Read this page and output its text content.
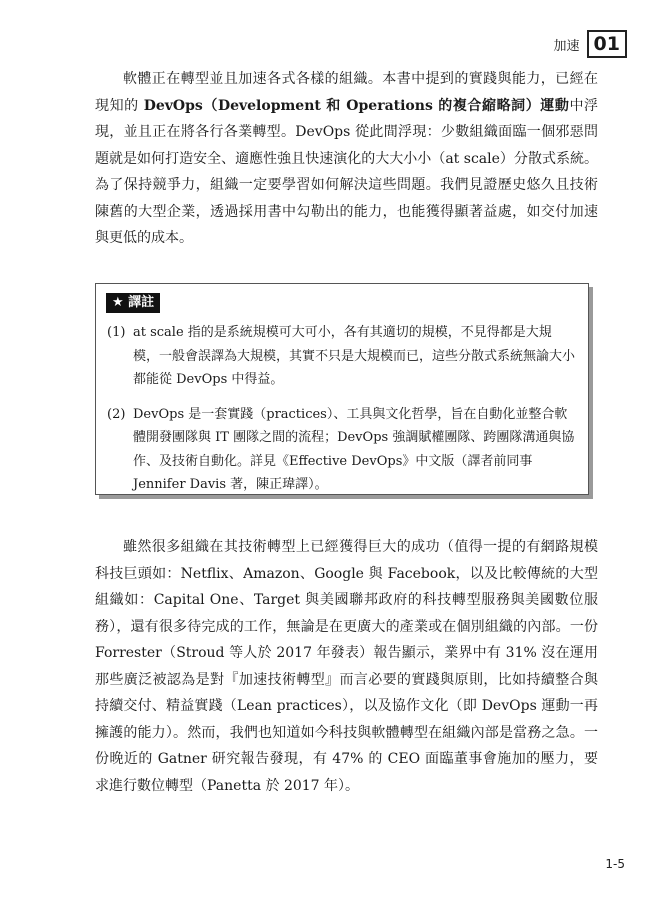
加速 01

軟體正在轉型並且加速各式各樣的組織。本書中提到的實踐與能力，已經在現知的 DevOps（Development 和 Operations 的複合縮略詞）運動中浮現，並且正在將各行各業轉型。DevOps 從此間浮現：少數組織面臨一個邪惡問題就是如何打造安全、適應性強且快速演化的大大小小（at scale）分散式系統。為了保持競爭力，組織一定要學習如何解決這些問題。我們見證歷史悠久且技術陳舊的大型企業，透過採用書中勾勒出的能力，也能獲得顯著益處，如交付加速與更低的成本。

★ 譯註
(1) at scale 指的是系統規模可大可小，各有其適切的規模，不見得都是大規模，一般會誤譯為大規模，其實不只是大規模而已，這些分散式系統無論大小都能從 DevOps 中得益。
(2) DevOps 是一套實踐（practices）、工具與文化哲學，旨在自動化並整合軟體開發團隊與 IT 團隊之間的流程；DevOps 強調賦權團隊、跨團隊溝通與協作、及技術自動化。詳見《Effective DevOps》中文版（譯者前同事 Jennifer Davis 著，陳正瑋譯）。

雖然很多組織在其技術轉型上已經獲得巨大的成功（值得一提的有網路規模科技巨頭如：Netflix、Amazon、Google 與 Facebook，以及比較傳統的大型組織如：Capital One、Target 與美國聯邦政府的科技轉型服務與美國數位服務），還有很多待完成的工作，無論是在更廣大的產業或在個別組織的內部。一份 Forrester（Stroud 等人於 2017 年發表）報告顯示，業界中有 31% 沒在運用那些廣泛被認為是對『加速技術轉型』而言必要的實踐與原則，比如持續整合與持續交付、精益實踐（Lean practices），以及協作文化（即 DevOps 運動一再擁護的能力）。然而，我們也知道如今科技與軟體轉型在組織內部是當務之急。一份晚近的 Gatner 研究報告發現，有 47% 的 CEO 面臨董事會施加的壓力，要求進行數位轉型（Panetta 於 2017 年）。

1-5
